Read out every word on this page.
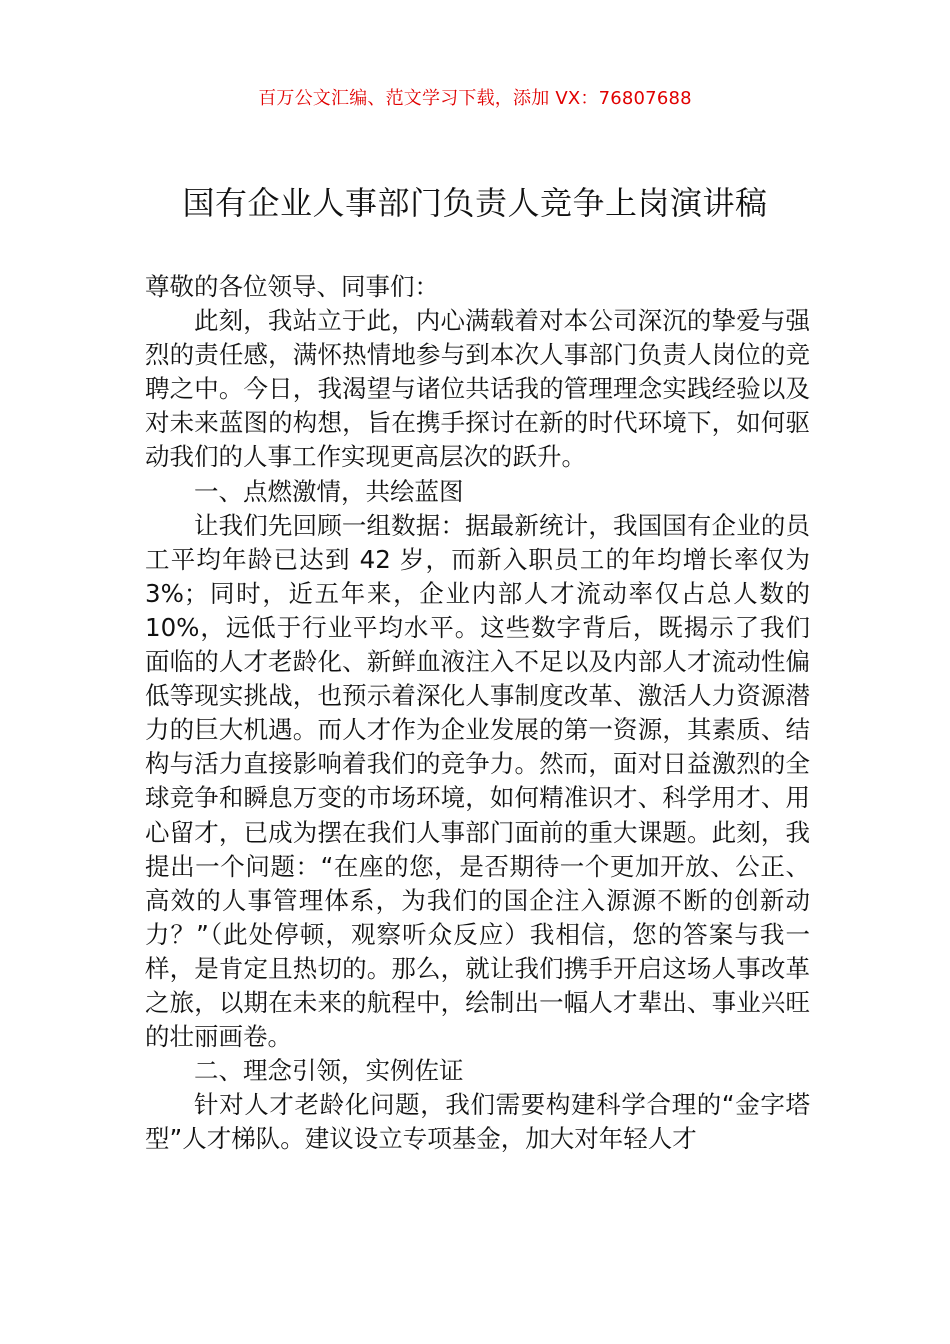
百万公文汇编、范文学习下载，添加 VX：76807688
国有企业人事部门负责人竞争上岗演讲稿

尊敬的各位领导、同事们：

此刻，我站立于此，内心满载着对本公司深沉的挚爱与强烈的责任感，满怀热情地参与到本次人事部门负责人岗位的竞聘之中。今日，我渴望与诸位共话我的管理理念实践经验以及对未来蓝图的构想，旨在携手探讨在新的时代环境下，如何驱动我们的人事工作实现更高层次的跃升。

一、点燃激情，共绘蓝图

让我们先回顾一组数据：据最新统计，我国国有企业的员工平均年龄已达到 42 岁，而新入职员工的年均增长率仅为 3%；同时，近五年来，企业内部人才流动率仅占总人数的 10%，远低于行业平均水平。这些数字背后，既揭示了我们面临的人才老龄化、新鲜血液注入不足以及内部人才流动性偏低等现实挑战，也预示着深化人事制度改革、激活人力资源潜力的巨大机遇。而人才作为企业发展的第一资源，其素质、结构与活力直接影响着我们的竞争力。然而，面对日益激烈的全球竞争和瞬息万变的市场环境，如何精准识才、科学用才、用心留才，已成为摆在我们人事部门面前的重大课题。此刻，我提出一个问题：“在座的您，是否期待一个更加开放、公正、高效的人事管理体系，为我们的国企注入源源不断的创新动力？”（此处停顿，观察听众反应）我相信，您的答案与我一样，是肯定且热切的。那么，就让我们携手开启这场人事改革之旅，以期在未来的航程中，绘制出一幅人才辈出、事业兴旺的壮丽画卷。

二、理念引领，实例佐证

针对人才老龄化问题，我们需要构建科学合理的“金字塔型”人才梯队。建议设立专项基金，加大对年轻人才
